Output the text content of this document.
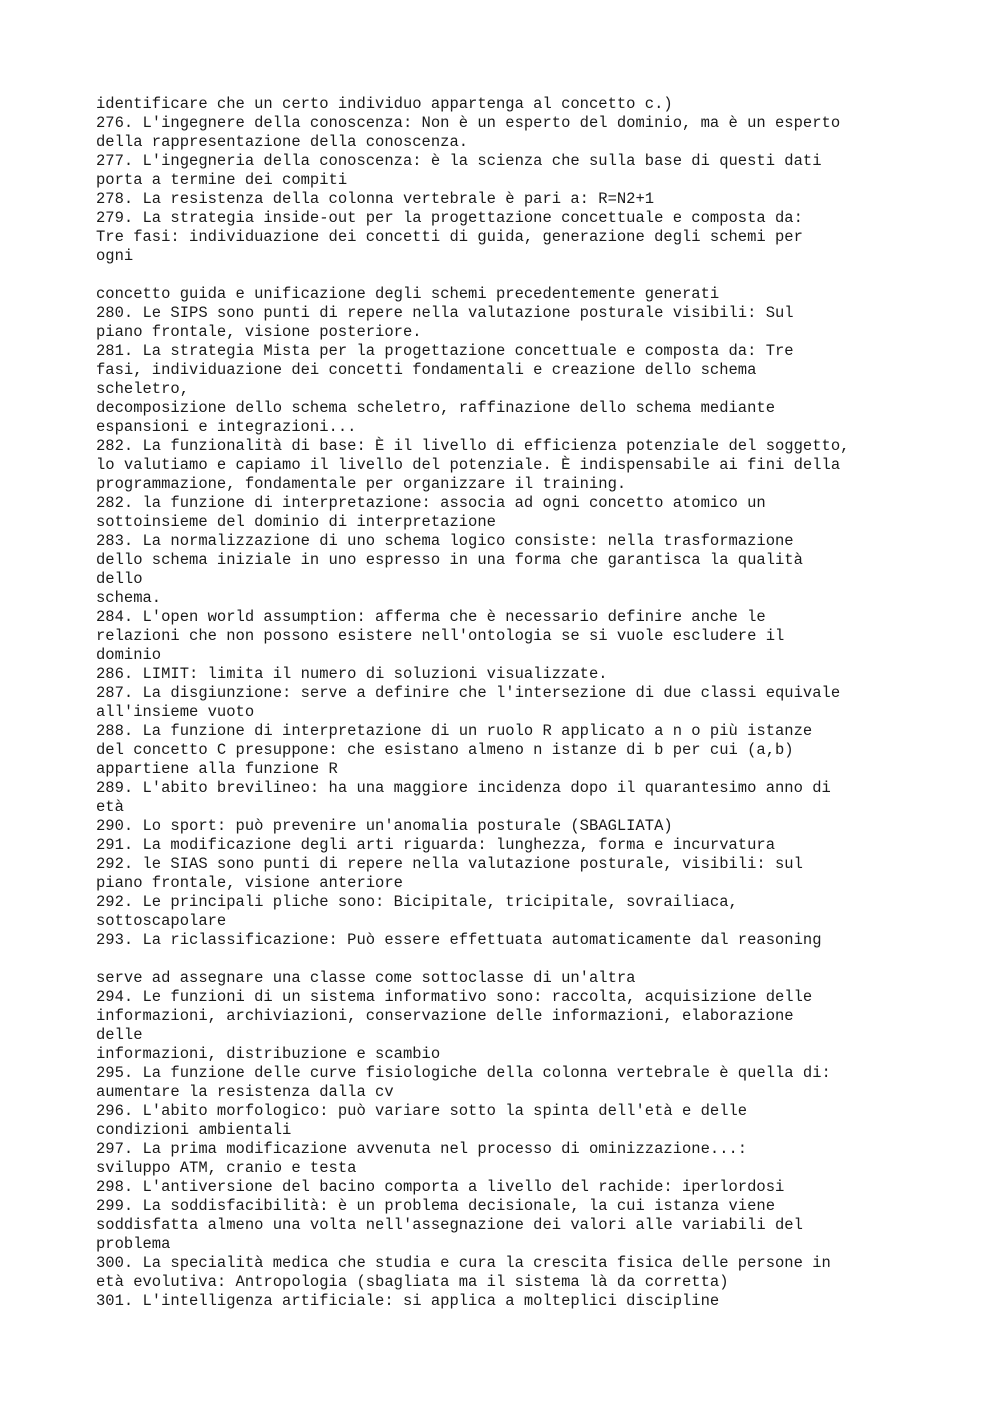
identificare che un certo individuo appartenga al concetto c.)
276. L'ingegnere della conoscenza: Non è un esperto del dominio, ma è un esperto
della rappresentazione della conoscenza.
277. L'ingegneria della conoscenza: è la scienza che sulla base di questi dati
porta a termine dei compiti
278. La resistenza della colonna vertebrale è pari a: R=N2+1
279. La strategia inside-out per la progettazione concettuale e composta da:
Tre fasi: individuazione dei concetti di guida, generazione degli schemi per
ogni
concetto guida e unificazione degli schemi precedentemente generati
280. Le SIPS sono punti di repere nella valutazione posturale visibili: Sul
piano frontale, visione posteriore.
281. La strategia Mista per la progettazione concettuale e composta da: Tre
fasi, individuazione dei concetti fondamentali e creazione dello schema
scheletro,
decomposizione dello schema scheletro, raffinazione dello schema mediante
espansioni e integrazioni...
282. La funzionalità di base: È il livello di efficienza potenziale del soggetto,
lo valutiamo e capiamo il livello del potenziale. È indispensabile ai fini della
programmazione, fondamentale per organizzare il training.
282. la funzione di interpretazione: associa ad ogni concetto atomico un
sottoinsieme del dominio di interpretazione
283. La normalizzazione di uno schema logico consiste: nella trasformazione
dello schema iniziale in uno espresso in una forma che garantisca la qualità
dello
schema.
284. L'open world assumption: afferma che è necessario definire anche le
relazioni che non possono esistere nell'ontologia se si vuole escludere il
dominio
286. LIMIT: limita il numero di soluzioni visualizzate.
287. La disgiunzione: serve a definire che l'intersezione di due classi equivale
all'insieme vuoto
288. La funzione di interpretazione di un ruolo R applicato a n o più istanze
del concetto C presuppone: che esistano almeno n istanze di b per cui (a,b)
appartiene alla funzione R
289. L'abito brevilineo: ha una maggiore incidenza dopo il quarantesimo anno di
età
290. Lo sport: può prevenire un'anomalia posturale (SBAGLIATA)
291. La modificazione degli arti riguarda: lunghezza, forma e incurvatura
292. le SIAS sono punti di repere nella valutazione posturale, visibili: sul
piano frontale, visione anteriore
292. Le principali pliche sono: Bicipitale, tricipitale, sovrailiaca,
sottoscapolare
293. La riclassificazione: Può essere effettuata automaticamente dal reasoning
serve ad assegnare una classe come sottoclasse di un'altra
294. Le funzioni di un sistema informativo sono: raccolta, acquisizione delle
informazioni, archiviazioni, conservazione delle informazioni, elaborazione
delle
informazioni, distribuzione e scambio
295. La funzione delle curve fisiologiche della colonna vertebrale è quella di:
aumentare la resistenza dalla cv
296. L'abito morfologico: può variare sotto la spinta dell'età e delle
condizioni ambientali
297. La prima modificazione avvenuta nel processo di ominizzazione...:
sviluppo ATM, cranio e testa
298. L'antiversione del bacino comporta a livello del rachide: iperlordosi
299. La soddisfacibilità: è un problema decisionale, la cui istanza viene
soddisfatta almeno una volta nell'assegnazione dei valori alle variabili del
problema
300. La specialità medica che studia e cura la crescita fisica delle persone in
età evolutiva: Antropologia (sbagliata ma il sistema là da corretta)
301. L'intelligenza artificiale: si applica a molteplici discipline
